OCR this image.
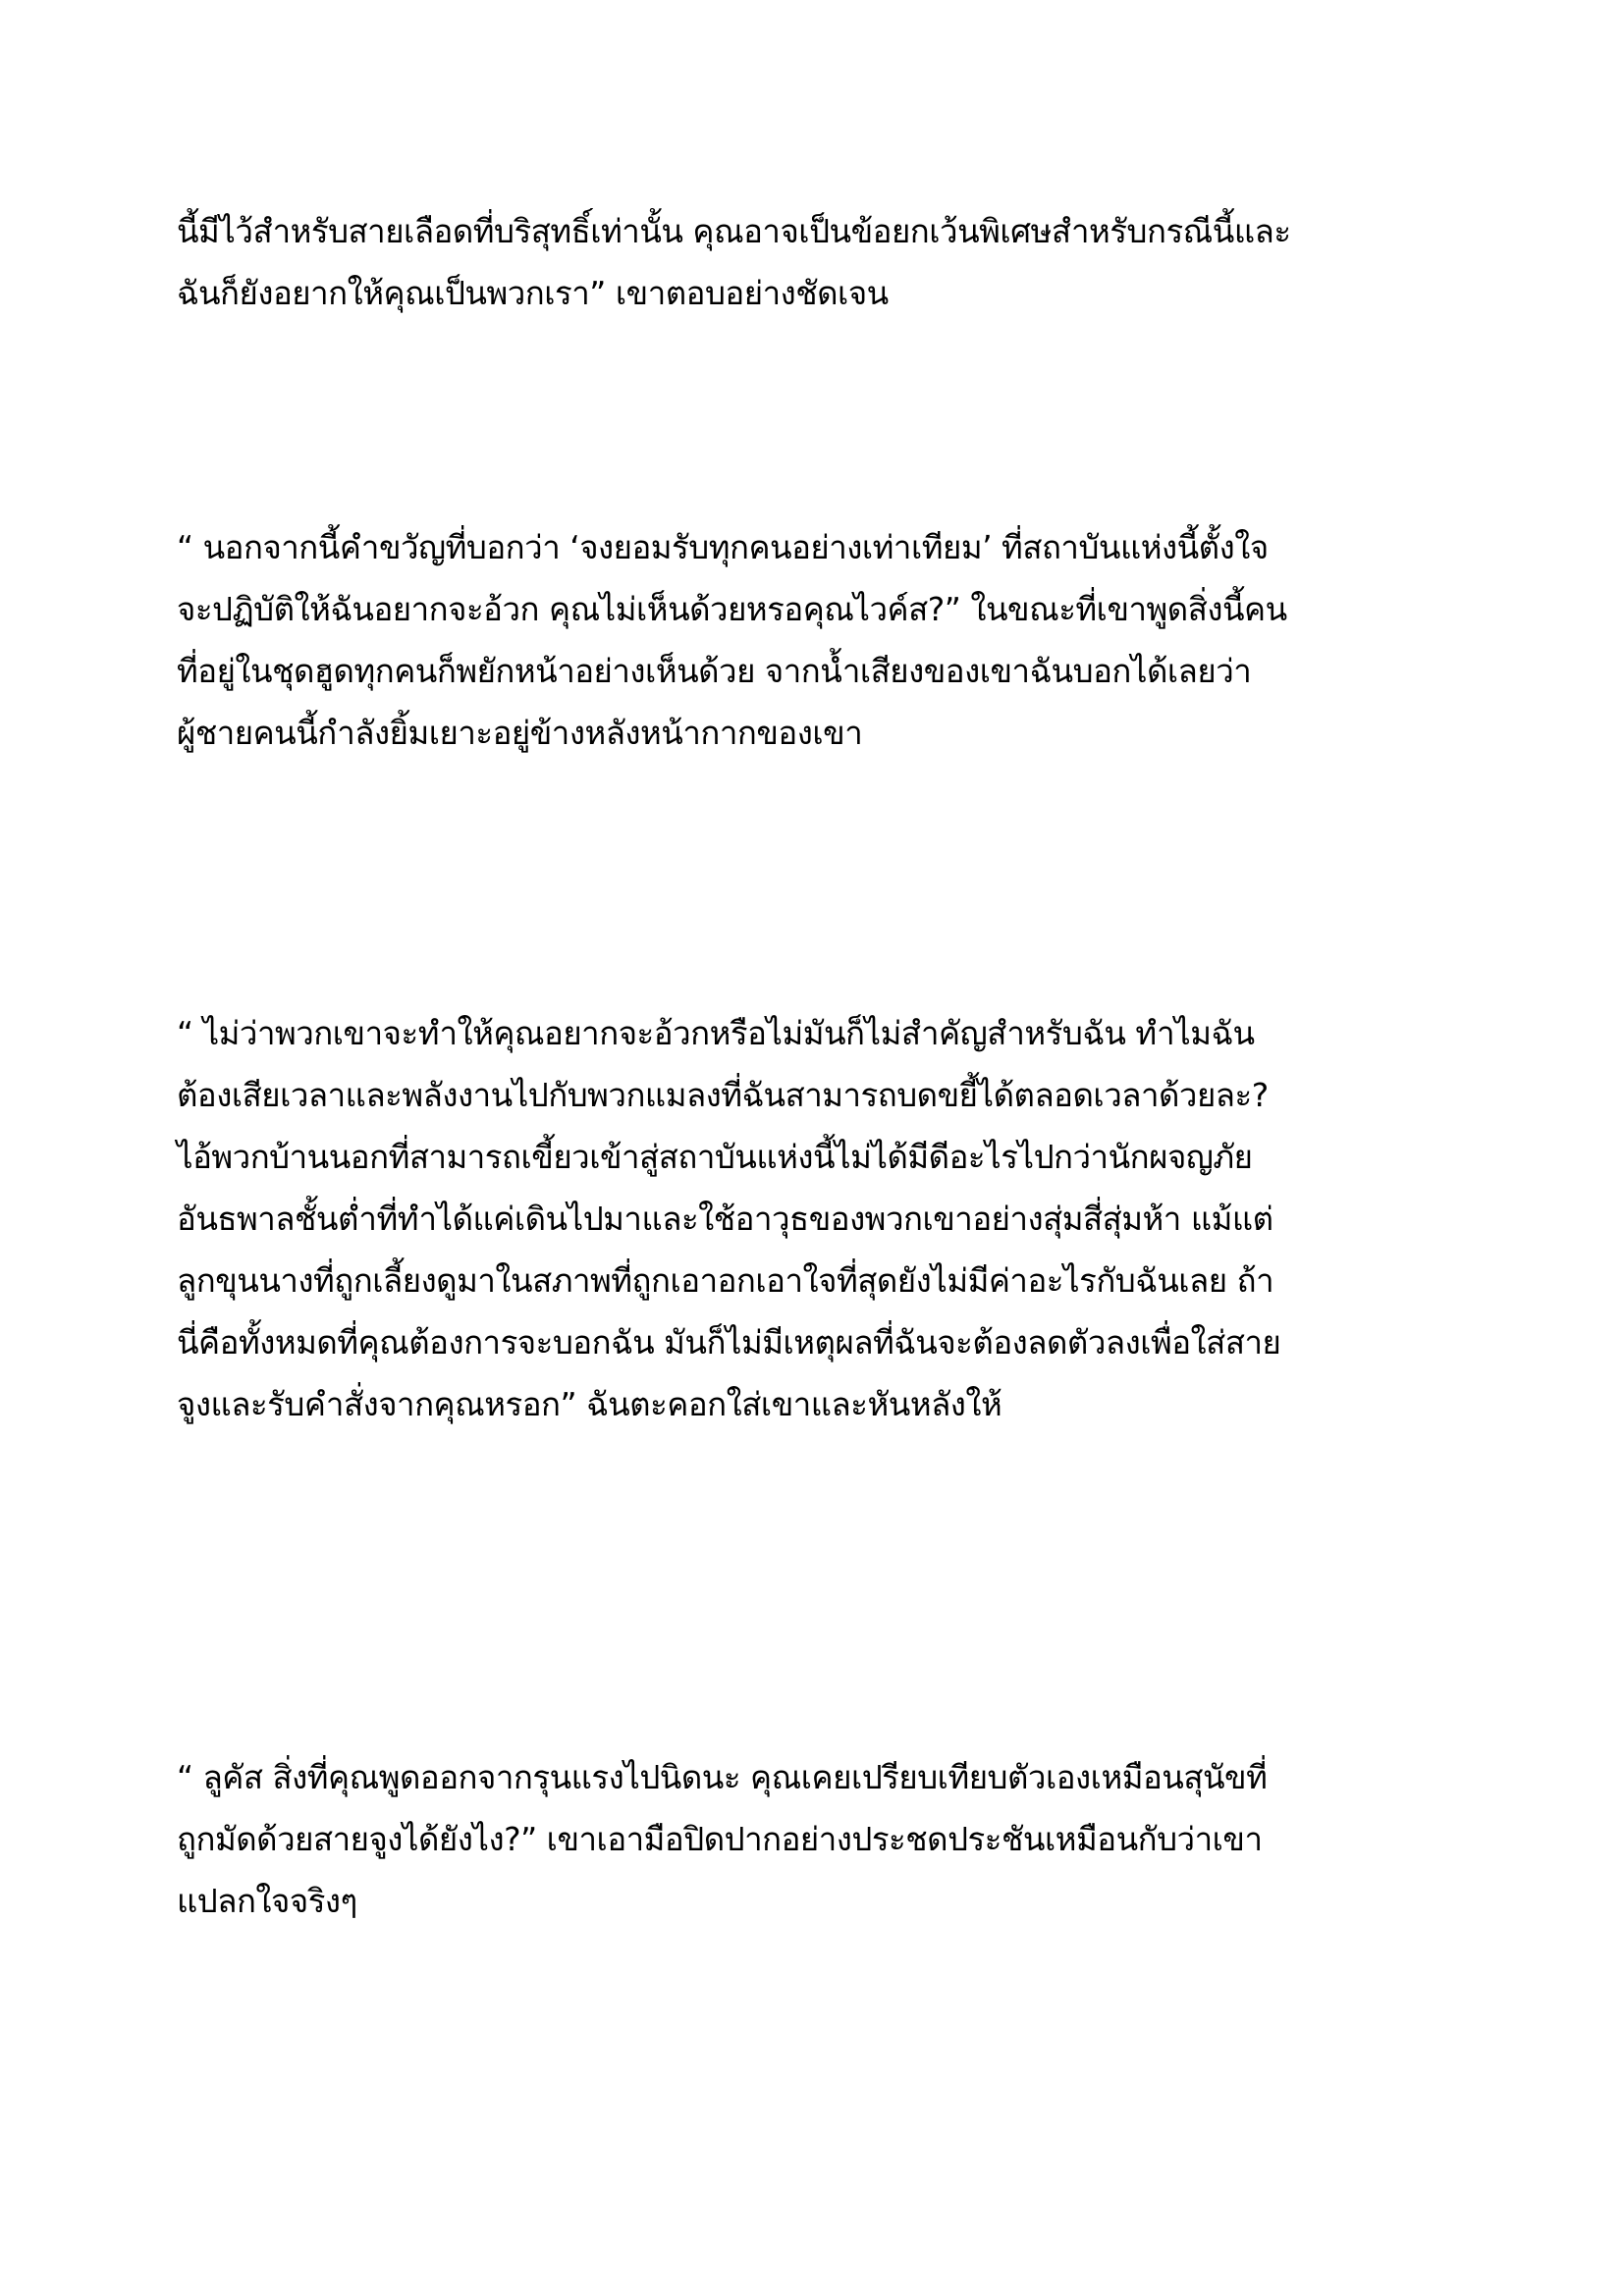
นี้มีไว้สำหรับสายเลือดที่บริสุทธิ์เท่านั้น คุณอาจเป็นข้อยกเว้นพิเศษสำหรับกรณีนี้และ
ฉันก็ยังอยากให้คุณเป็นพวกเรา” เขาตอบอย่างชัดเจน
“ นอกจากนี้คำขวัญที่บอกว่า ‘จงยอมรับทุกคนอย่างเท่าเทียม’ ที่สถาบันแห่งนี้ตั้งใจ
จะปฏิบัติให้ฉันอยากจะอ้วก คุณไม่เห็นด้วยหรอคุณไวค์ส?” ในขณะที่เขาพูดสิ่งนี้คน
ที่อยู่ในชุดฮูดทุกคนก็พยักหน้าอย่างเห็นด้วย จากน้ำเสียงของเขาฉันบอกได้เลยว่า
ผู้ชายคนนี้กำลังยิ้มเยาะอยู่ข้างหลังหน้ากากของเขา
“ ไม่ว่าพวกเขาจะทำให้คุณอยากจะอ้วกหรือไม่มันก็ไม่สำคัญสำหรับฉัน ทำไมฉัน
ต้องเสียเวลาและพลังงานไปกับพวกแมลงที่ฉันสามารถบดขยี้ได้ตลอดเวลาด้วยละ?
ไอ้พวกบ้านนอกที่สามารถเขี้ยวเข้าสู่สถาบันแห่งนี้ไม่ได้มีดีอะไรไปกว่านักผจญภัย
อันธพาลชั้นต่ำที่ทำได้แค่เดินไปมาและใช้อาวุธของพวกเขาอย่างสุ่มสี่สุ่มห้า แม้แต่
ลูกขุนนางที่ถูกเลี้ยงดูมาในสภาพที่ถูกเอาอกเอาใจที่สุดยังไม่มีค่าอะไรกับฉันเลย ถ้า
นี่คือทั้งหมดที่คุณต้องการจะบอกฉัน มันก็ไม่มีเหตุผลที่ฉันจะต้องลดตัวลงเพื่อใส่สาย
จูงและรับคำสั่งจากคุณหรอก” ฉันตะคอกใส่เขาและหันหลังให้
“ ลูคัส สิ่งที่คุณพูดออกจากรุนแรงไปนิดนะ คุณเคยเปรียบเทียบตัวเองเหมือนสุนัขที่
ถูกมัดด้วยสายจูงได้ยังไง?” เขาเอามือปิดปากอย่างประชดประชันเหมือนกับว่าเขา
แปลกใจจริงๆ
